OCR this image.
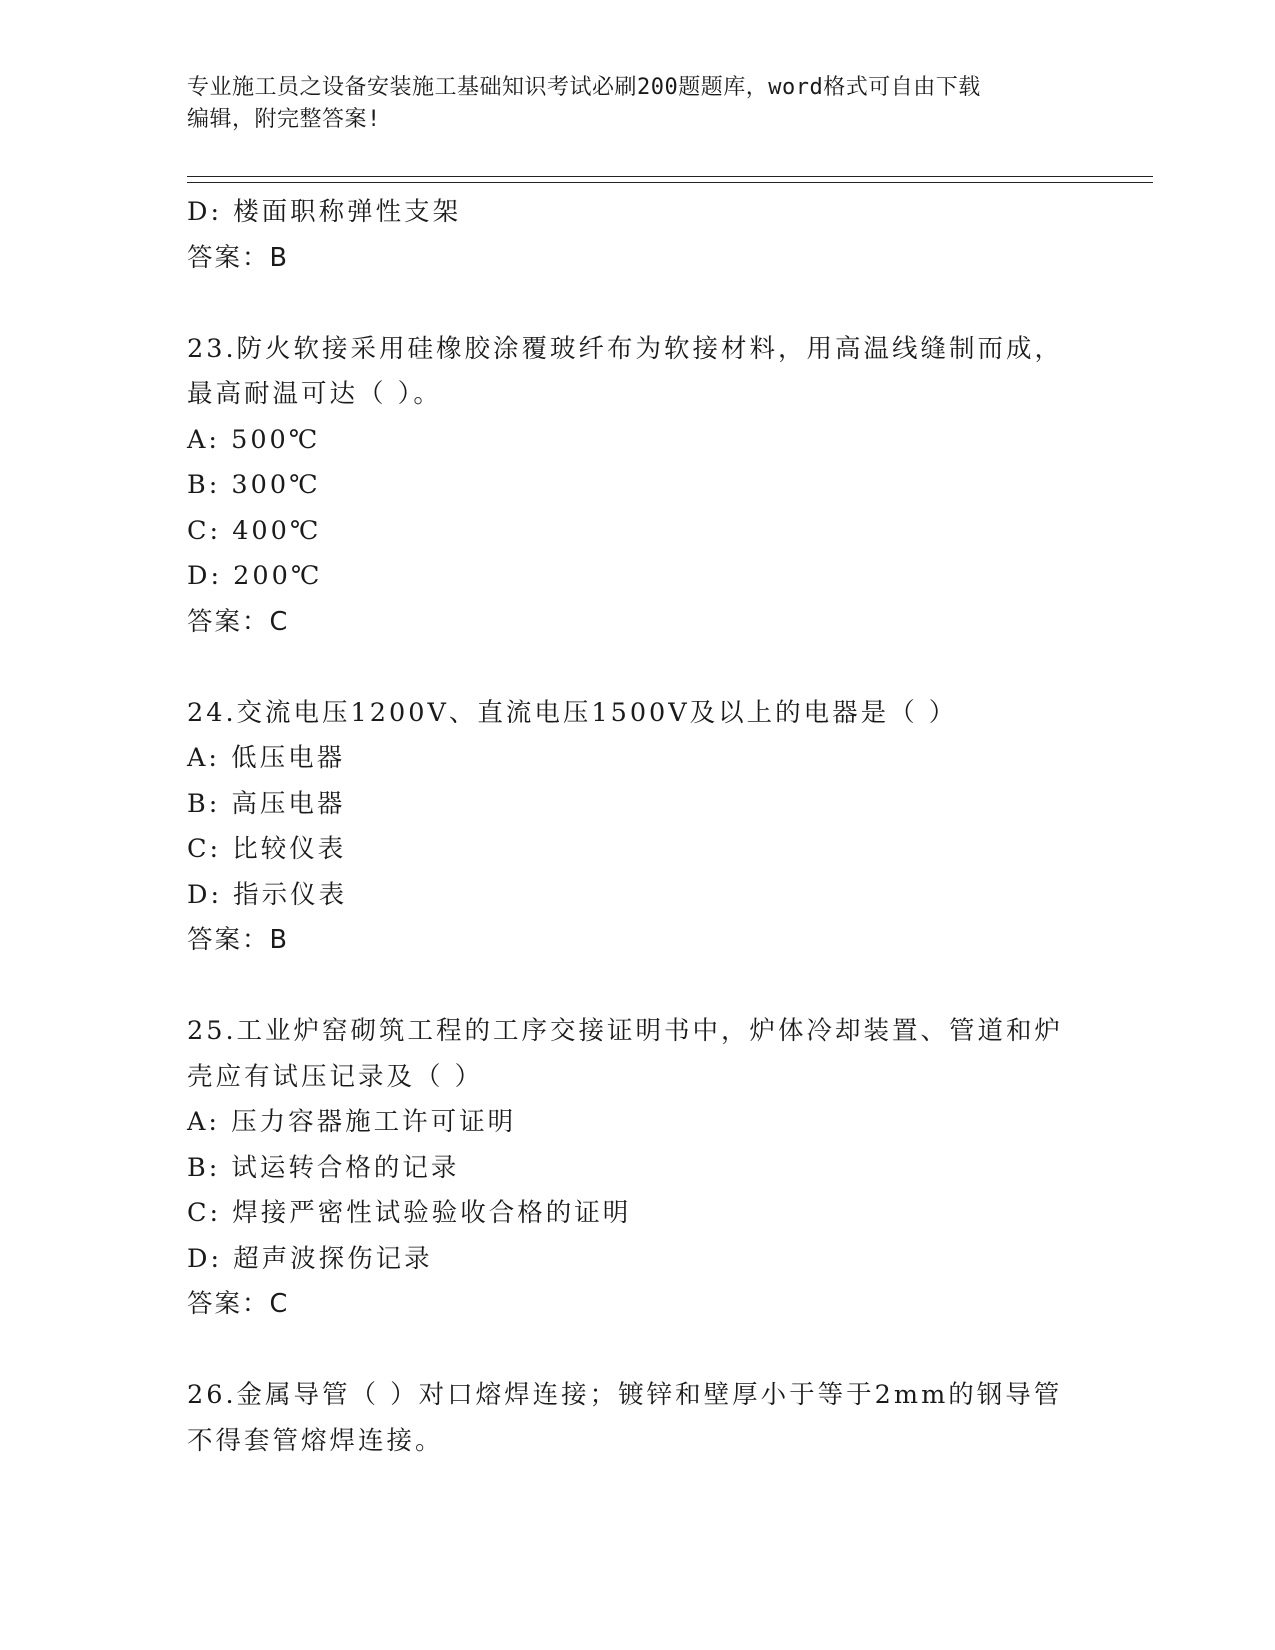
专业施工员之设备安装施工基础知识考试必刷200题题库，word格式可自由下载
编辑，附完整答案!
D: 楼面职称弹性支架
答案：B
23.防火软接采用硅橡胶涂覆玻纤布为软接材料，用高温线缝制而成，
最高耐温可达（ ）。
A: 500℃
B: 300℃
C: 400℃
D: 200℃
答案：C
24.交流电压1200V、直流电压1500V及以上的电器是（ ）
A: 低压电器
B: 高压电器
C: 比较仪表
D: 指示仪表
答案：B
25.工业炉窑砌筑工程的工序交接证明书中，炉体冷却装置、管道和炉
壳应有试压记录及（ ）
A: 压力容器施工许可证明
B: 试运转合格的记录
C: 焊接严密性试验验收合格的证明
D: 超声波探伤记录
答案：C
26.金属导管（ ）对口熔焊连接；镀锌和壁厚小于等于2mm的钢导管
不得套管熔焊连接。
